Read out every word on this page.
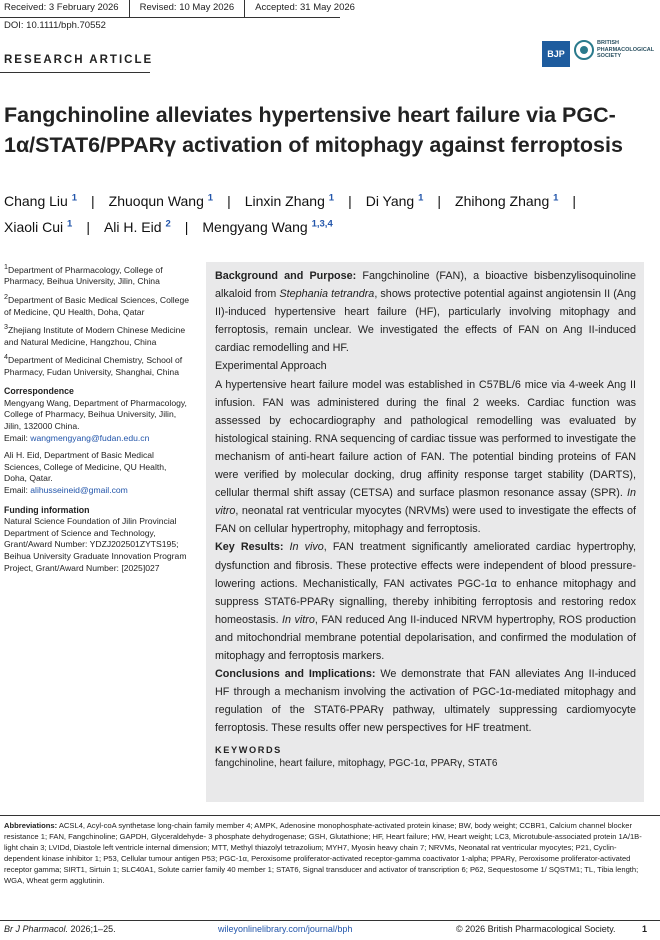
Received: 3 February 2026	Revised: 10 May 2026	Accepted: 31 May 2026
DOI: 10.1111/bph.70552
RESEARCH ARTICLE	BJP
BRITISH PHARMACOLOGICAL SOCIETY
Fangchinoline alleviates hypertensive heart failure via PGC-1α/STAT6/PPARγ activation of mitophagy against ferroptosis
Chang Liu $^1$ | Zhuoqun Wang $^1$ | Linxin Zhang $^1$ | Di Yang $^1$ | Zhihong Zhang $^1$ |
Xiaoli Cui $^1$ | Ali H. Eid $^2$ | Mengyang Wang $^{1,3,4}$
$^1$Department of Pharmacology, College of Pharmacy, Beihua University, Jilin, China
$^2$Department of Basic Medical Sciences, College of Medicine, QU Health, Doha, Qatar
$^3$Zhejiang Institute of Modern Chinese Medicine and Natural Medicine, Hangzhou, China
$^4$Department of Medicinal Chemistry, School of Pharmacy, Fudan University, Shanghai, China
Correspondence
Mengyang Wang, Department of Pharmacology, College of Pharmacy, Beihua University, Jilin, Jilin, 132000 China.
Email: wangmengyang@fudan.edu.cn
Ali H. Eid, Department of Basic Medical Sciences, College of Medicine, QU Health, Doha, Qatar.
Email: alihusseineid@gmail.com
Funding information
Natural Science Foundation of Jilin Provincial Department of Science and Technology, Grant/Award Number: YDZJ202501ZYTS195; Beihua University Graduate Innovation Program Project, Grant/Award Number: [2025]027

Background and Purpose: Fangchinoline (FAN), a bioactive bisbenzylisoquinoline alkaloid from Stephania tetrandra, shows protective potential against angiotensin II (Ang II)-induced hypertensive heart failure (HF), particularly involving mitophagy and ferroptosis, remain unclear. We investigated the effects of FAN on Ang II-induced cardiac remodelling and HF.

Experimental Approach

A hypertensive heart failure model was established in C57BL/6 mice via 4-week Ang II infusion. FAN was administered during the final 2 weeks. Cardiac function was assessed by echocardiography and pathological remodelling was evaluated by histological staining. RNA sequencing of cardiac tissue was performed to investigate the mechanism of anti-heart failure action of FAN. The potential binding proteins of FAN were verified by molecular docking, drug affinity response target stability (DARTS), cellular thermal shift assay (CETSA) and surface plasmon resonance assay (SPR). In vitro, neonatal rat ventricular myocytes (NRVMs) were used to investigate the effects of FAN on cellular hypertrophy, mitophagy and ferroptosis.

Key Results: In vivo, FAN treatment significantly ameliorated cardiac hypertrophy, dysfunction and fibrosis. These protective effects were independent of blood pressure-lowering actions. Mechanistically, FAN activates PGC-1α to enhance mitophagy and suppress STAT6-PPARγ signalling, thereby inhibiting ferroptosis and restoring redox homeostasis. In vitro, FAN reduced Ang II-induced NRVM hypertrophy, ROS production and mitochondrial membrane potential depolarisation, and confirmed the modulation of mitophagy and ferroptosis markers.

Conclusions and Implications: We demonstrate that FAN alleviates Ang II-induced HF through a mechanism involving the activation of PGC-1α-mediated mitophagy and regulation of the STAT6-PPARγ pathway, ultimately suppressing cardiomyocyte ferroptosis. These results offer new perspectives for HF treatment.

KEYWORDS
fangchinoline, heart failure, mitophagy, PGC-1α, PPARγ, STAT6
Abbreviations: ACSL4, Acyl-coA synthetase long-chain family member 4; AMPK, Adenosine monophosphate-activated protein kinase; BW, body weight; CCBR1, Calcium channel blocker resistance 1; FAN, Fangchinoline; GAPDH, Glyceraldehyde- 3 phosphate dehydrogenase; GSH, Glutathione; HF, Heart failure; HW, Heart weight; LC3, Microtubule-associated protein 1A/1B-light chain 3; LVIDd, Diastole left ventricle internal dimension; MTT, Methyl thiazolyl tetrazolium; MYH7, Myosin heavy chain 7; NRVMs, Neonatal rat ventricular myocytes; P21, Cyclin-dependent kinase inhibitor 1; P53, Cellular tumour antigen P53; PGC-1α, Peroxisome proliferator-activated receptor-gamma coactivator 1-alpha; PPARγ, Peroxisome proliferator-activated receptor gamma; SIRT1, Sirtuin 1; SLC40A1, Solute carrier family 40 member 1; STAT6, Signal transducer and activator of transcription 6; P62, Sequestosome 1/ SQSTM1; TL, Tibia length; WGA, Wheat germ agglutinin.
Br J Pharmacol. 2026;1–25.	wileyonlinelibrary.com/journal/bph	© 2026 British Pharmacological Society.	1
